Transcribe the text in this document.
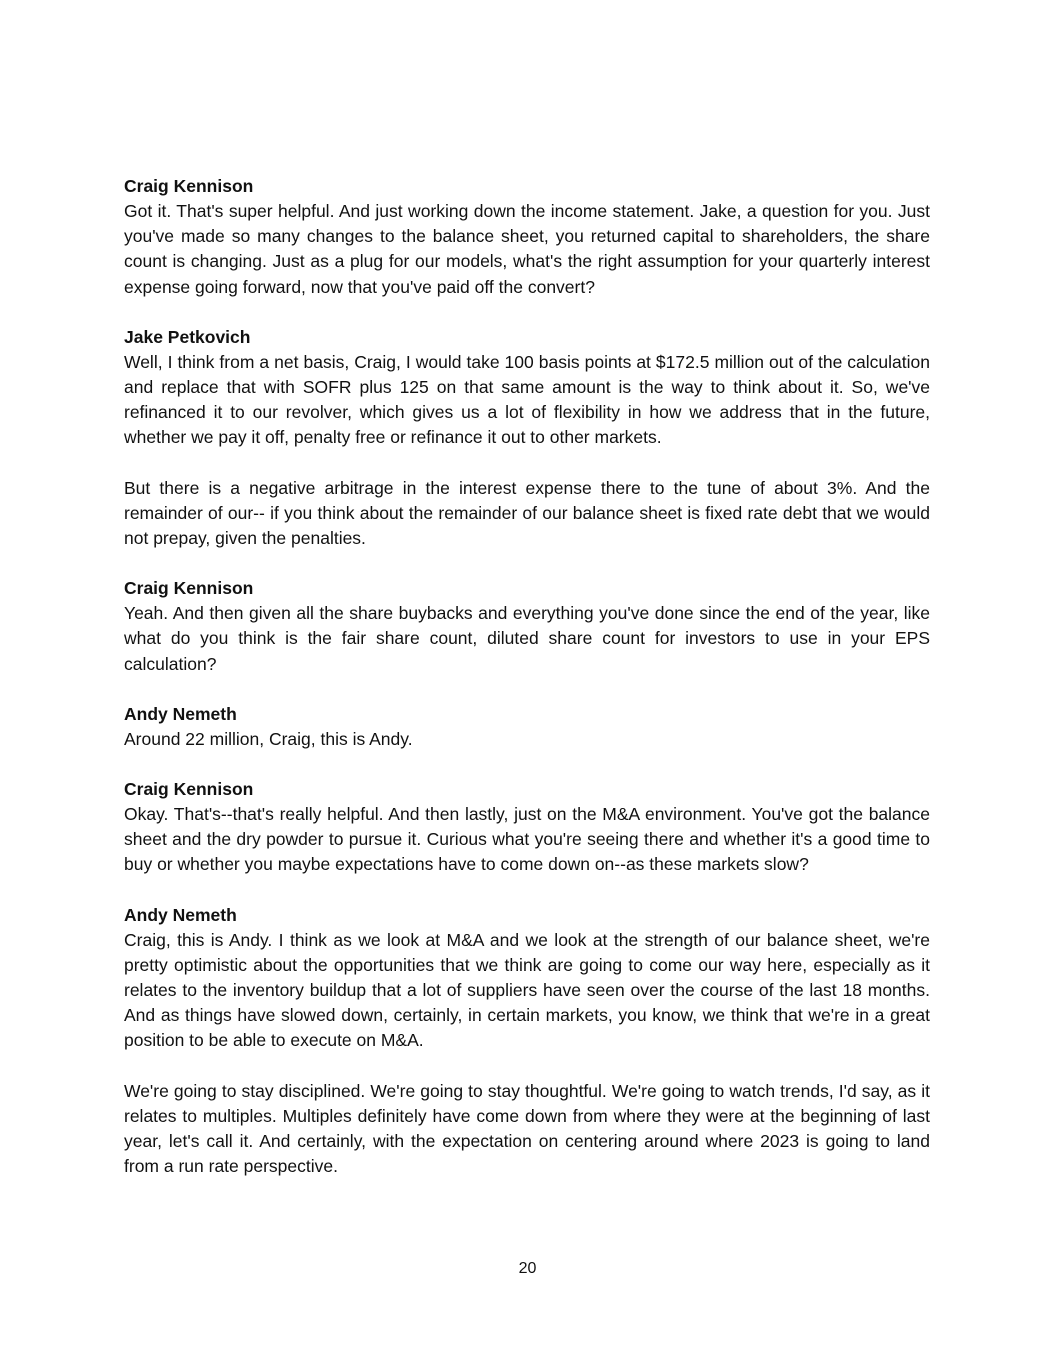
Craig Kennison

Got it. That's super helpful. And just working down the income statement. Jake, a question for you. Just you've made so many changes to the balance sheet, you returned capital to shareholders, the share count is changing. Just as a plug for our models, what's the right assumption for your quarterly interest expense going forward, now that you've paid off the convert?

Jake Petkovich

Well, I think from a net basis, Craig, I would take 100 basis points at $172.5 million out of the calculation and replace that with SOFR plus 125 on that same amount is the way to think about it. So, we've refinanced it to our revolver, which gives us a lot of flexibility in how we address that in the future, whether we pay it off, penalty free or refinance it out to other markets.

But there is a negative arbitrage in the interest expense there to the tune of about 3%. And the remainder of our-- if you think about the remainder of our balance sheet is fixed rate debt that we would not prepay, given the penalties.

Craig Kennison

Yeah. And then given all the share buybacks and everything you've done since the end of the year, like what do you think is the fair share count, diluted share count for investors to use in your EPS calculation?

Andy Nemeth

Around 22 million, Craig, this is Andy.

Craig Kennison

Okay. That's--that's really helpful. And then lastly, just on the M&A environment. You've got the balance sheet and the dry powder to pursue it. Curious what you're seeing there and whether it's a good time to buy or whether you maybe expectations have to come down on--as these markets slow?

Andy Nemeth

Craig, this is Andy. I think as we look at M&A and we look at the strength of our balance sheet, we're pretty optimistic about the opportunities that we think are going to come our way here, especially as it relates to the inventory buildup that a lot of suppliers have seen over the course of the last 18 months. And as things have slowed down, certainly, in certain markets, you know, we think that we're in a great position to be able to execute on M&A.

We're going to stay disciplined. We're going to stay thoughtful. We're going to watch trends, I'd say, as it relates to multiples. Multiples definitely have come down from where they were at the beginning of last year, let's call it. And certainly, with the expectation on centering around where 2023 is going to land from a run rate perspective.

20
